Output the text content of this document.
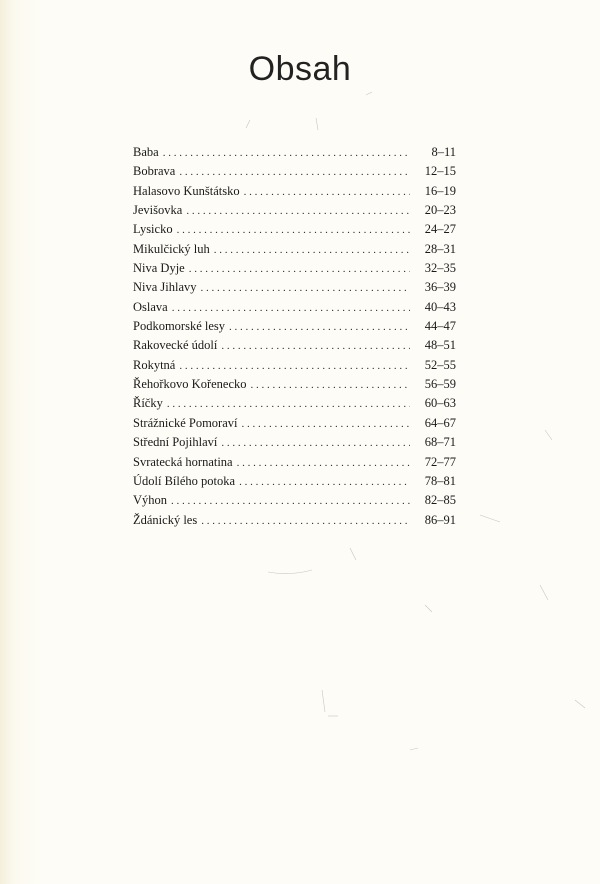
Obsah
Baba . . .	8–11
Bobrava . . .	12–15
Halasovo Kunštátsko . . .	16–19
Jevišovka . . .	20–23
Lysicko . . .	24–27
Mikulčický luh . . .	28–31
Niva Dyje . . .	32–35
Niva Jihlavy . . .	36–39
Oslava . . .	40–43
Podkomorské lesy . . .	44–47
Rakovecké údolí . . .	48–51
Rokytná . . .	52–55
Řehořkovo Kořenecko . . .	56–59
Říčky . . .	60–63
Strážnické Pomoraví . . .	64–67
Střední Pojihlaví . . .	68–71
Svratecká hornatina . . .	72–77
Údolí Bílého potoka . . .	78–81
Výhon . . .	82–85
Ždánický les . . .	86–91
